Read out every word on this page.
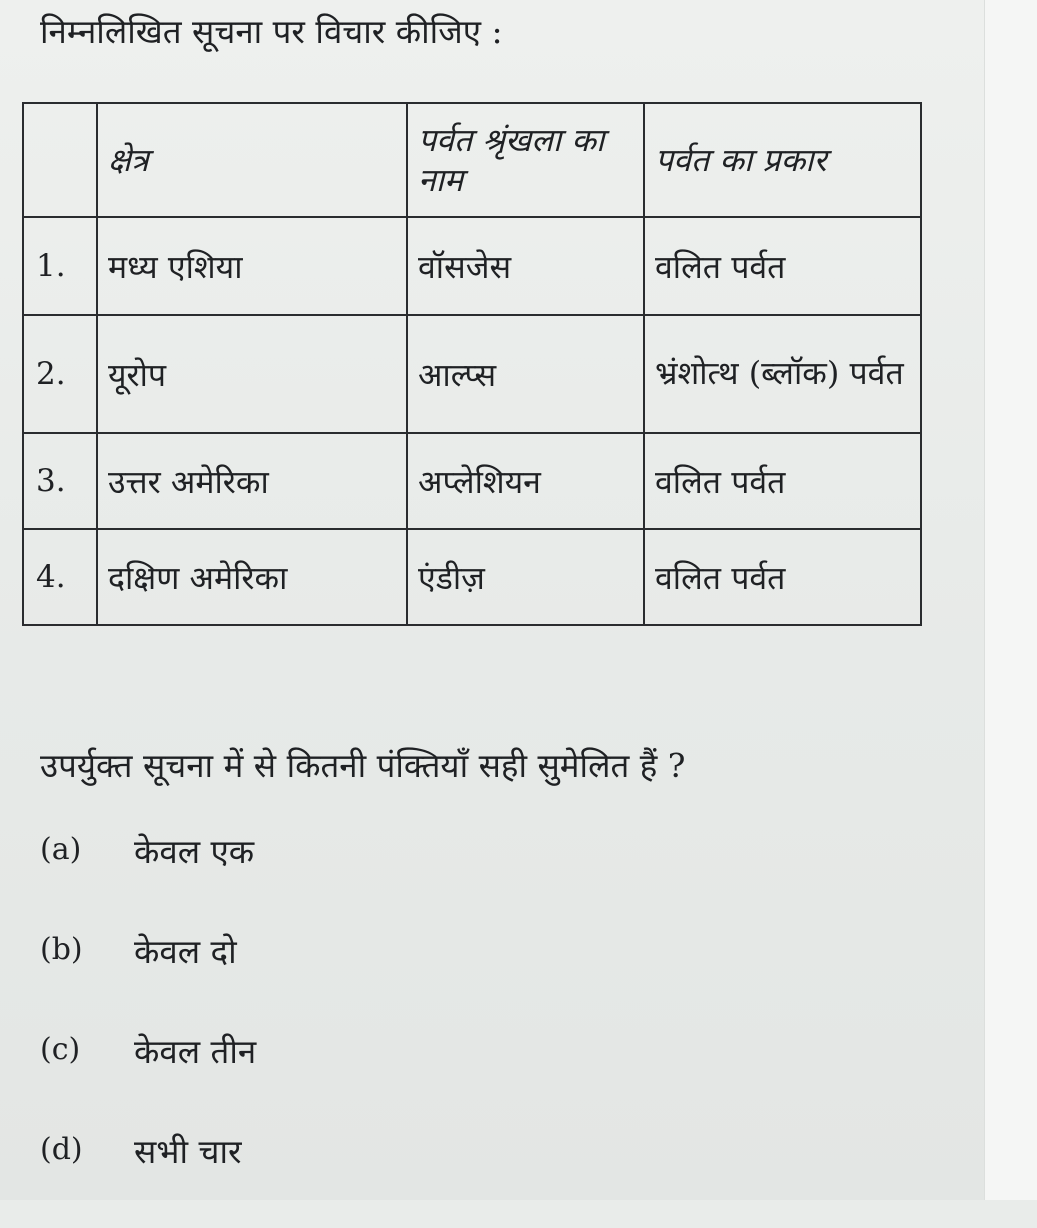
निम्नलिखित सूचना पर विचार कीजिए :

	क्षेत्र	पर्वत श्रृंखला का नाम	पर्वत का प्रकार
1.	मध्य एशिया	वॉसजेस	वलित पर्वत
2.	यूरोप	आल्प्स	भ्रंशोत्थ (ब्लॉक) पर्वत
3.	उत्तर अमेरिका	अप्लेशियन	वलित पर्वत
4.	दक्षिण अमेरिका	एंडीज़	वलित पर्वत

उपर्युक्त सूचना में से कितनी पंक्तियाँ सही सुमेलित हैं ?

(a)	केवल एक
(b)	केवल दो
(c)	केवल तीन
(d)	सभी चार
